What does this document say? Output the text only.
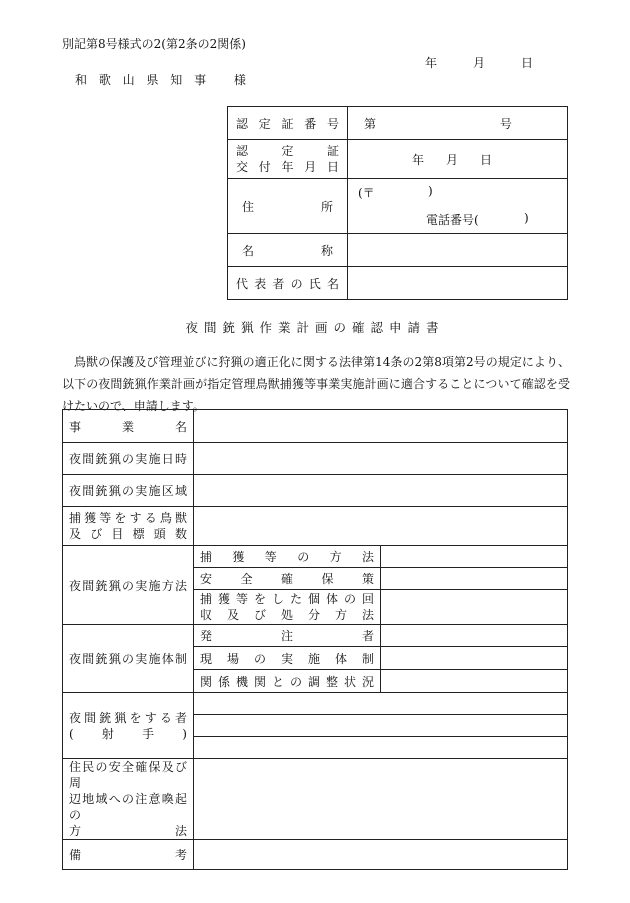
別記第8号様式の2(第2条の2関係)
年	月	日
和 歌 山 県 知 事　 様
認定証番号	第 号

認　定　証
交付年月日	年 月 日

住　　所	(〒 )
電話番号( )

名　　称	

代表者の氏名	

夜間銃猟作業計画の確認申請書
鳥獣の保護及び管理並びに狩猟の適正化に関する法律第14条の2第8項第2号の規定により、以下の夜間銃猟作業計画が指定管理鳥獣捕獲等事業実施計画に適合することについて確認を受けたいので、申請します。
事　　業　　名		

夜間銃猟の実施日時		

夜間銃猟の実施区域		

捕獲等をする鳥獣
及び目標頭数		

夜間銃猟の実施方法	捕獲等の方法	

	安全確保策	

	捕獲等をした個体の回
収及び処分方法	

夜間銃猟の実施体制	発　注　者	

	現場の実施体制	

	関係機関との調整状況	

夜間銃猟をする者
(　射　手　)		

住民の安全確保及び周
辺地域への注意喚起の
方　　法		

備　　考		
